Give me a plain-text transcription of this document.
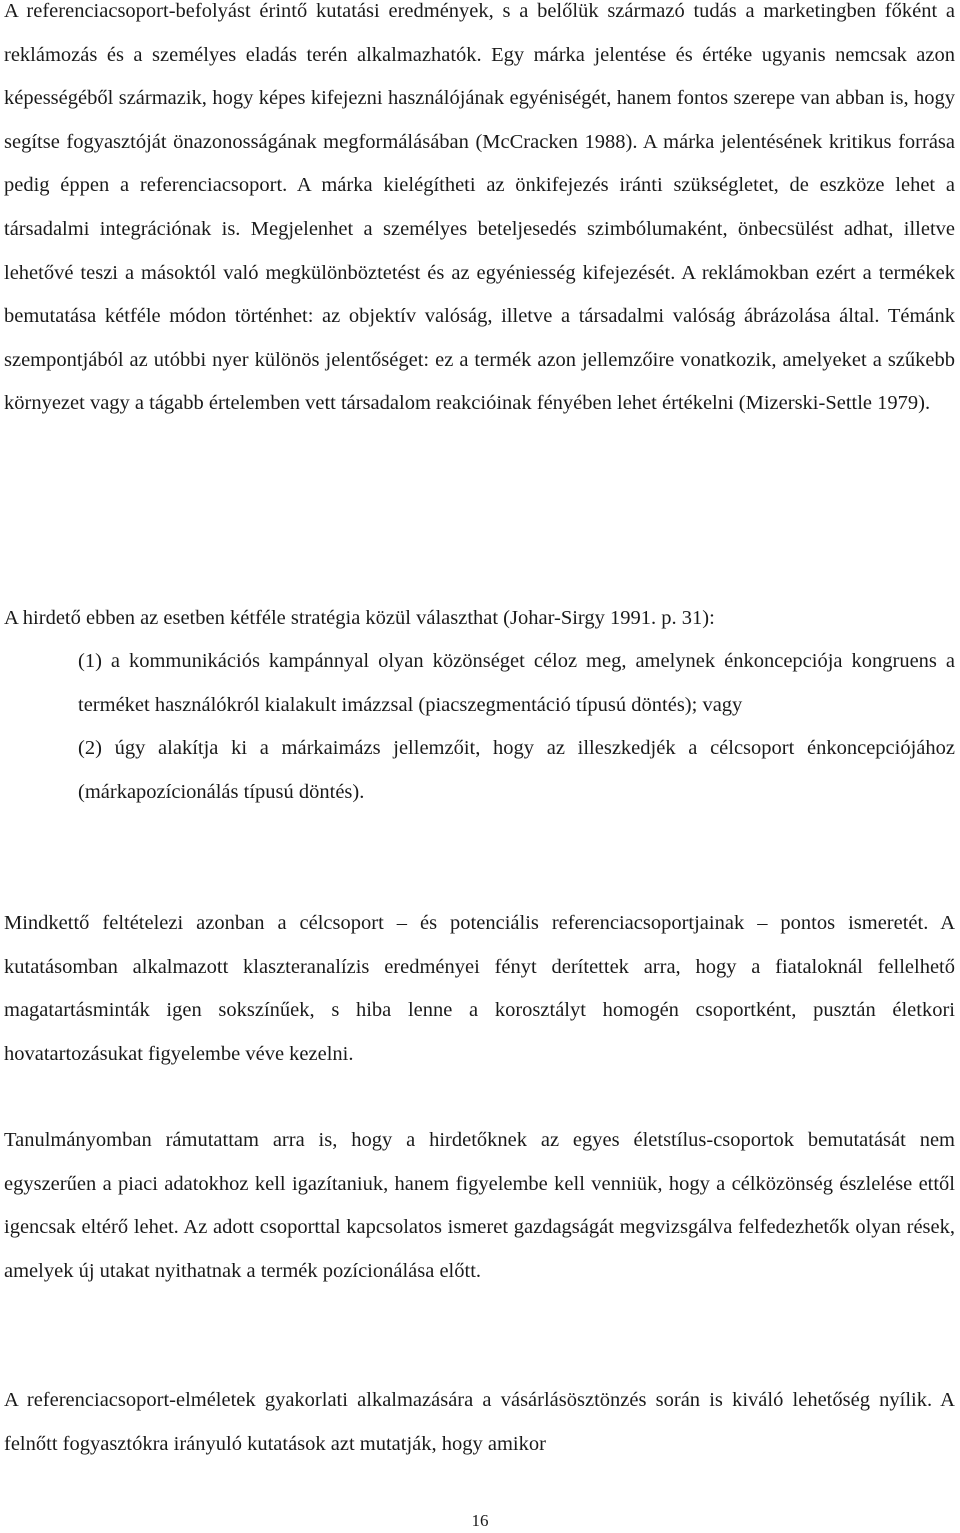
A referenciacsoport-befolyást érintő kutatási eredmények, s a belőlük származó tudás a marketingben főként a reklámozás és a személyes eladás terén alkalmazhatók. Egy márka jelentése és értéke ugyanis nemcsak azon képességéből származik, hogy képes kifejezni használójának egyéniségét, hanem fontos szerepe van abban is, hogy segítse fogyasztóját önazonosságának megformálásában (McCracken 1988). A márka jelentésének kritikus forrása pedig éppen a referenciacsoport. A márka kielégítheti az önkifejezés iránti szükségletet, de eszköze lehet a társadalmi integrációnak is. Megjelenhet a személyes beteljesedés szimbólumaként, önbecsülést adhat, illetve lehetővé teszi a másoktól való megkülönböztetést és az egyéniesség kifejezését. A reklámokban ezért a termékek bemutatása kétféle módon történhet: az objektív valóság, illetve a társadalmi valóság ábrázolása által. Témánk szempontjából az utóbbi nyer különös jelentőséget: ez a termék azon jellemzőire vonatkozik, amelyeket a szűkebb környezet vagy a tágabb értelemben vett társadalom reakcióinak fényében lehet értékelni (Mizerski-Settle 1979).

A hirdető ebben az esetben kétféle stratégia közül választhat (Johar-Sirgy 1991. p. 31):

(1) a kommunikációs kampánnyal olyan közönséget céloz meg, amelynek énkoncepciója kongruens a terméket használókról kialakult imázzsal (piacszegmentáció típusú döntés); vagy
(2) úgy alakítja ki a márkaimázs jellemzőit, hogy az illeszkedjék a célcsoport énkoncepciójához (márkapozícionálás típusú döntés).

Mindkettő feltételezi azonban a célcsoport – és potenciális referenciacsoportjainak – pontos ismeretét. A kutatásomban alkalmazott klaszteranalízis eredményei fényt derítettek arra, hogy a fiataloknál fellelhető magatartásminták igen sokszínűek, s hiba lenne a korosztályt homogén csoportként, pusztán életkori hovatartozásukat figyelembe véve kezelni.

Tanulmányomban rámutattam arra is, hogy a hirdetőknek az egyes életstílus-csoportok bemutatását nem egyszerűen a piaci adatokhoz kell igazítaniuk, hanem figyelembe kell venniük, hogy a célközönség észlelése ettől igencsak eltérő lehet. Az adott csoporttal kapcsolatos ismeret gazdagságát megvizsgálva felfedezhetők olyan rések, amelyek új utakat nyithatnak a termék pozícionálása előtt.

A referenciacsoport-elméletek gyakorlati alkalmazására a vásárlásösztönzés során is kiváló lehetőség nyílik. A felnőtt fogyasztókra irányuló kutatások azt mutatják, hogy amikor

16
